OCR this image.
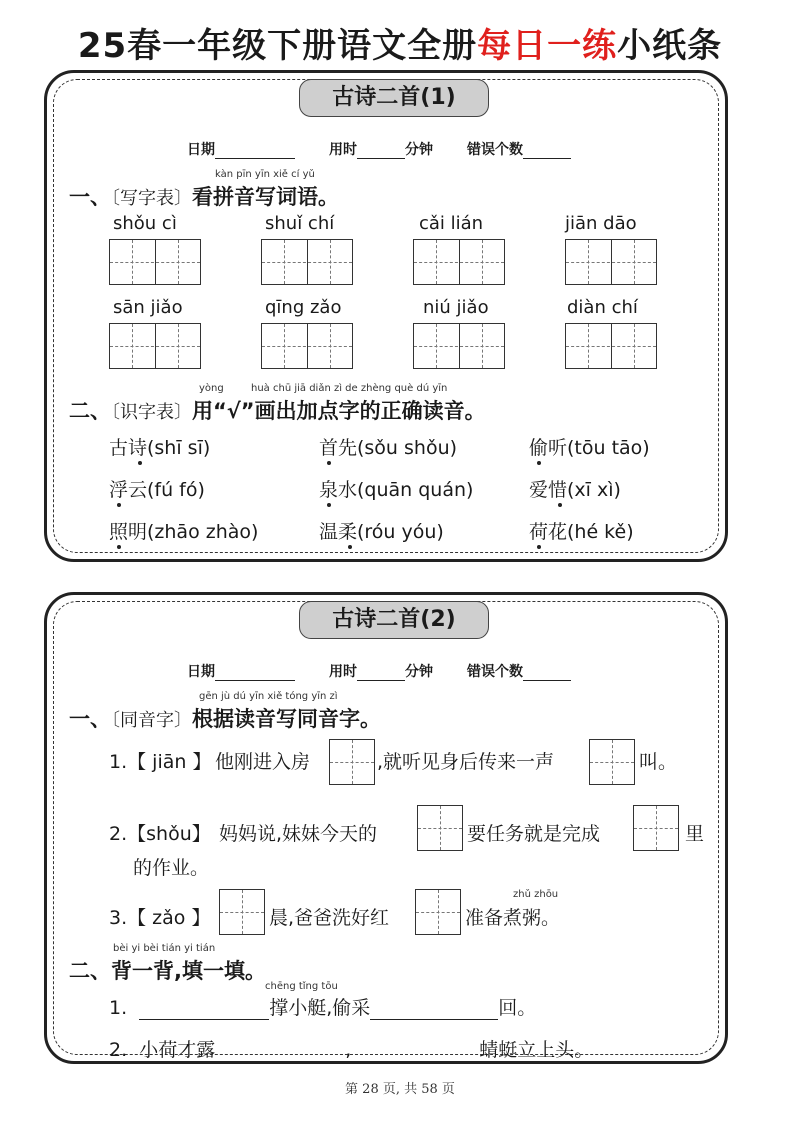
25春一年级下册语文全册每日一练小纸条
古诗二首(1)
日期	用时	分钟 错误个数
kàn pīn yīn xiě cí yǔ
一、〔写字表〕看拼音写词语。
shǒu cì	shuǐ chí	cǎi lián	jiān dāo
sān jiǎo	qīng zǎo	niú jiǎo	diàn chí
yòng	huà chū jiā diǎn zì de zhèng què dú yīn
二、〔识字表〕用“√”画出加点字的正确读音。
古诗(shī sī)	首先(sǒu shǒu)	偷听(tōu tāo)
浮云(fú fó)	泉水(quān quán)	爱惜(xī xì)
照明(zhāo zhào)	温柔(róu yóu)	荷花(hé kě)
古诗二首(2)
日期	用时	分钟 错误个数
gēn jù dú yīn xiě tóng yīn zì
一、〔同音字〕根据读音写同音字。
1.【 jiān 】 他刚进入房	,就听见身后传来一声	叫。
2.【shǒu】 妈妈说,妹妹今天的	要任务就是完成	里
的作业。
zhǔ zhōu
3.【 zǎo 】	晨,爸爸洗好红	准备煮粥。
bèi yi bèi tián yi tián
二、背一背,填一填。
chēng tǐng tōu
1.	撑小艇,偷采	回。
2. 小荷才露	,	蜻蜓立上头。
第 28 页, 共 58 页
